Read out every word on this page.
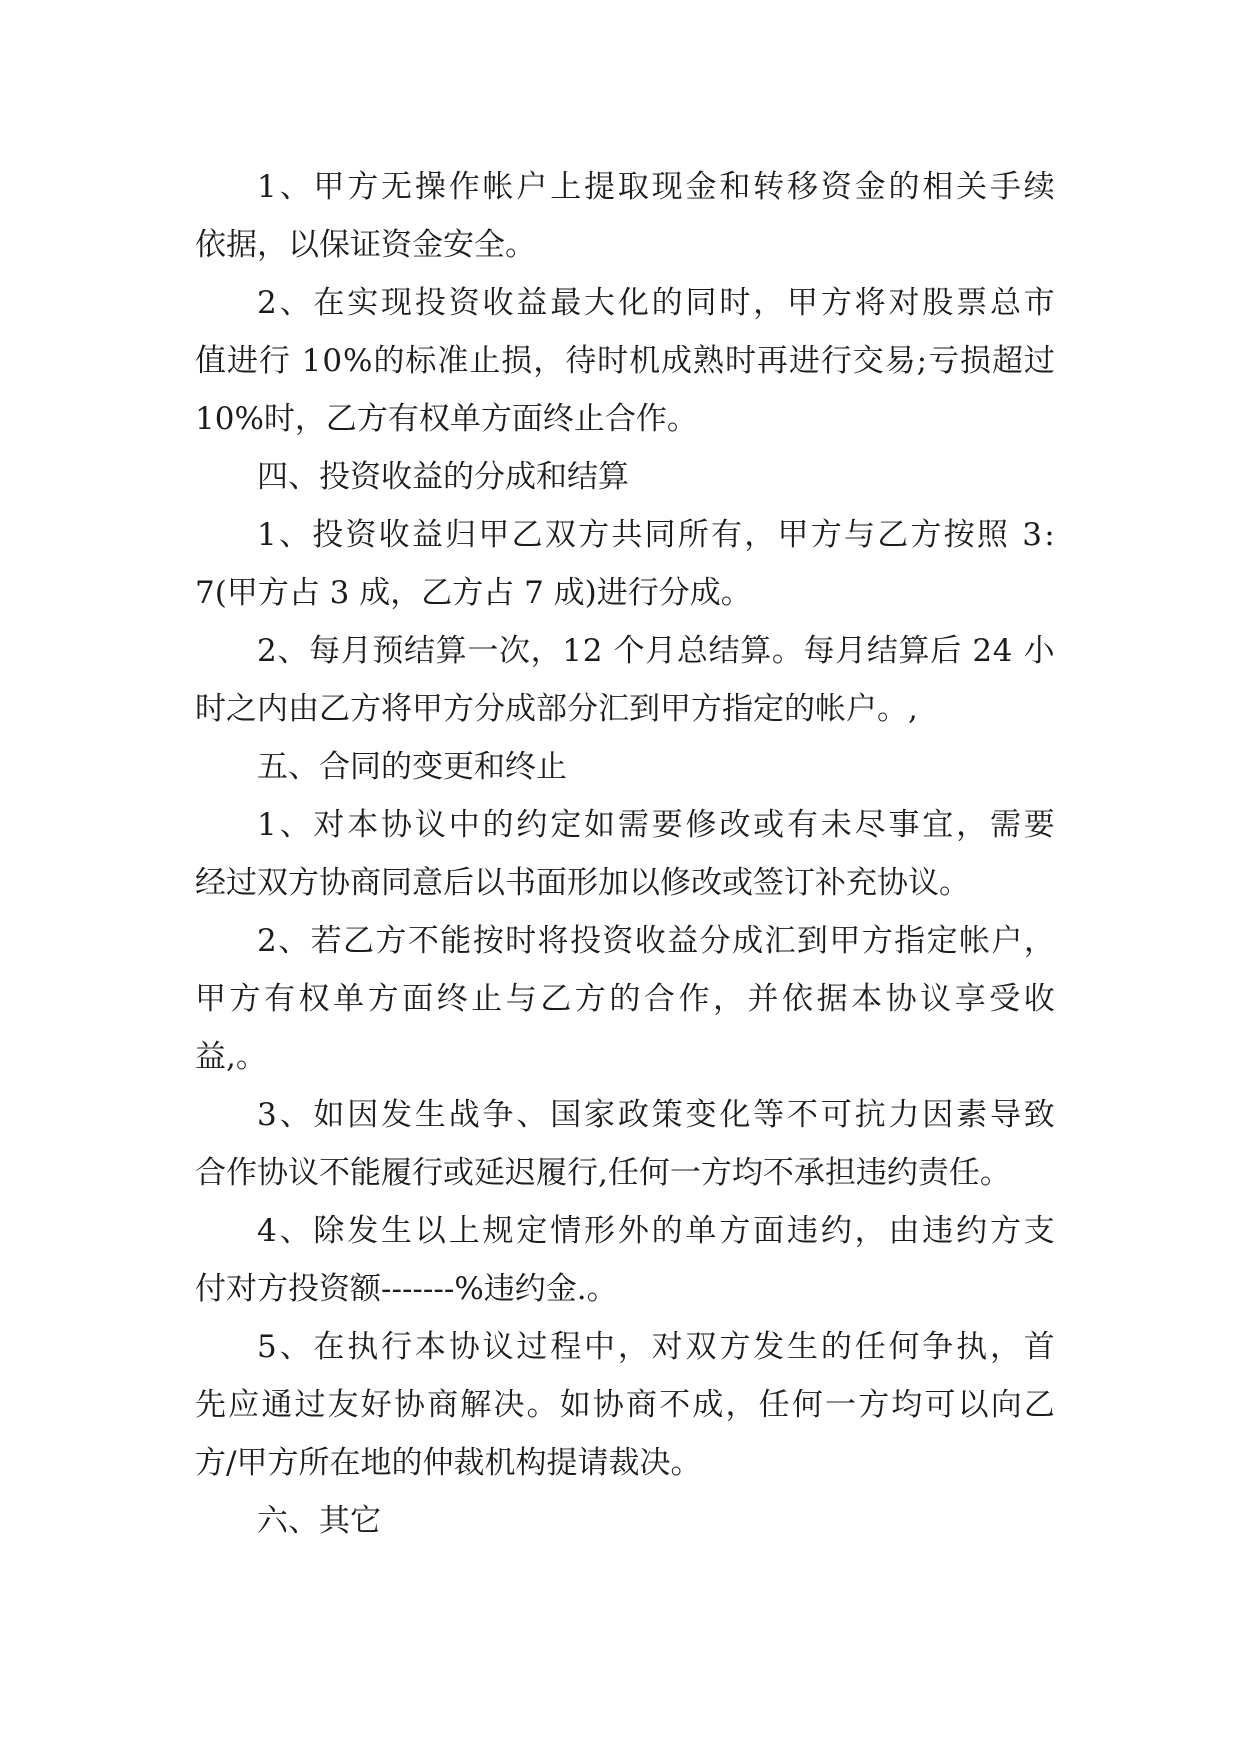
1 、 甲 方 无 操 作 帐 户 上 提 取 现 金 和 转 移 资 金 的 相 关 手 续
依据，以保证资金安全。
2 、 在 实 现 投 资 收 益 最 大 化 的 同 时 ， 甲 方 将 对 股 票 总 市
值 进 行
1 0 % 的 标 准 止 损 ， 待 时 机 成 熟 时 再 进 行 交 易 ; 亏 损 超 过
10%时，乙方有权单方面终止合作。
四、投资收益的分成和结算
1 、 投 资 收 益 归 甲 乙 双 方 共 同 所 有 ， 甲 方 与 乙 方 按 照
3 :
7(甲方占 3 成，乙方占 7 成)进行分成。
2 、 每 月 预 结 算 一 次 ， 1 2
个 月 总 结 算 。 每 月 结 算 后
2 4
小
时之内由乙方将甲方分成部分汇到甲方指定的帐户。,
五、合同的变更和终止
1 、 对 本 协 议 中 的 约 定 如 需 要 修 改 或 有 未 尽 事 宜 ， 需 要
经过双方协商同意后以书面形加以修改或签订补充协议。
2 、 若 乙 方 不 能 按 时 将 投 资 收 益 分 成 汇 到 甲 方 指 定 帐 户 ，
甲 方 有 权 单 方 面 终 止 与 乙 方 的 合 作 ， 并 依 据 本 协 议 享 受 收
益,。
3 、 如 因 发 生 战 争 、 国 家 政 策 变 化 等 不 可 抗 力 因 素 导 致
合作协议不能履行或延迟履行,任何一方均不承担违约责任。
4 、 除 发 生 以 上 规 定 情 形 外 的 单 方 面 违 约 ， 由 违 约 方 支
付对方投资额-------%违约金.。
5 、 在 执 行 本 协 议 过 程 中 ， 对 双 方 发 生 的 任 何 争 执 ， 首
先 应 通 过 友 好 协 商 解 决 。 如 协 商 不 成 ， 任 何 一 方 均 可 以 向 乙
方/甲方所在地的仲裁机构提请裁决。
六、其它
